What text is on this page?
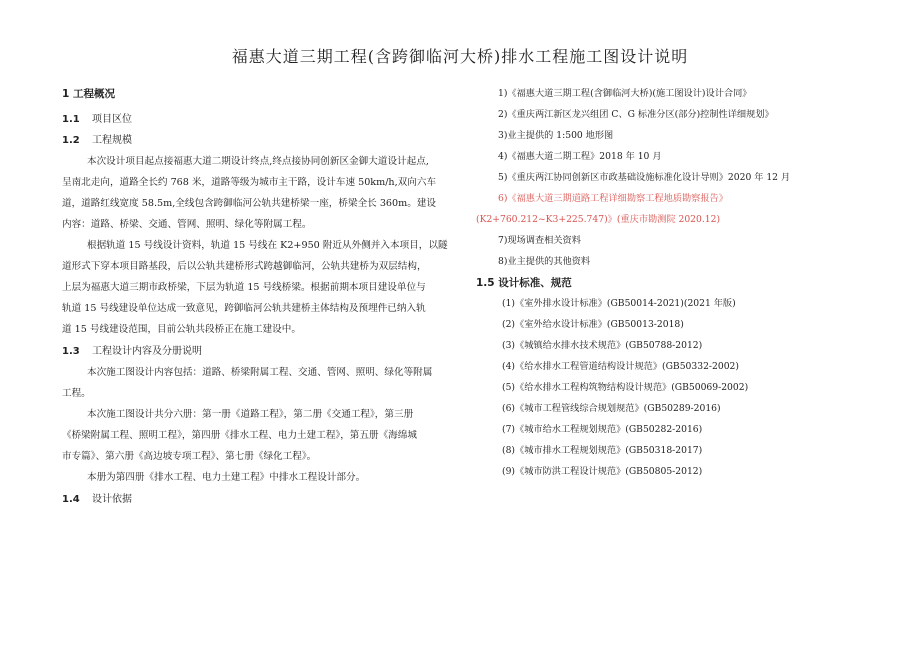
福惠大道三期工程(含跨御临河大桥)排水工程施工图设计说明
1 工程概况
1.1 项目区位
1.2 工程规模
本次设计项目起点接福惠大道二期设计终点,终点接协同创新区金御大道设计起点,
呈南北走向，道路全长约 768 米，道路等级为城市主干路，设计车速 50km/h,双向六车
道，道路红线宽度 58.5m,全线包含跨御临河公轨共建桥梁一座，桥梁全长 360m。建设
内容：道路、桥梁、交通、管网、照明、绿化等附属工程。
根据轨道 15 号线设计资料，轨道 15 号线在 K2+950 附近从外侧并入本项目，以隧
道形式下穿本项目路基段，后以公轨共建桥形式跨越御临河，公轨共建桥为双层结构，
上层为福惠大道三期市政桥梁，下层为轨道 15 号线桥梁。根据前期本项目建设单位与
轨道 15 号线建设单位达成一致意见，跨御临河公轨共建桥主体结构及预埋件已纳入轨
道 15 号线建设范围，目前公轨共段桥正在施工建设中。
1.3 工程设计内容及分册说明
本次施工图设计内容包括：道路、桥梁附属工程、交通、管网、照明、绿化等附属
工程。
本次施工图设计共分六册：第一册《道路工程》，第二册《交通工程》，第三册
《桥梁附属工程、照明工程》，第四册《排水工程、电力土建工程》，第五册《海绵城
市专篇》、第六册《高边坡专项工程》、第七册《绿化工程》。
本册为第四册《排水工程、电力土建工程》中排水工程设计部分。
1.4 设计依据
1)《福惠大道三期工程(含御临河大桥)(施工图设计)设计合同》
2)《重庆两江新区龙兴组团 C、G 标准分区(部分)控制性详细规划》
3)业主提供的 1:500 地形图
4)《福惠大道二期工程》2018 年 10 月
5)《重庆两江协同创新区市政基础设施标准化设计导则》2020 年 12 月
6)《福惠大道三期道路工程详细勘察工程地质勘察报告》
(K2+760.212~K3+225.747)》(重庆市勘测院 2020.12)
7)现场调查相关资料
8)业主提供的其他资料
1.5 设计标准、规范
(1)《室外排水设计标准》(GB50014-2021)(2021 年版)
(2)《室外给水设计标准》(GB50013-2018)
(3)《城镇给水排水技术规范》(GB50788-2012)
(4)《给水排水工程管道结构设计规范》(GB50332-2002)
(5)《给水排水工程构筑物结构设计规范》(GB50069-2002)
(6)《城市工程管线综合规划规范》(GB50289-2016)
(7)《城市给水工程规划规范》(GB50282-2016)
(8)《城市排水工程规划规范》(GB50318-2017)
(9)《城市防洪工程设计规范》(GB50805-2012)
